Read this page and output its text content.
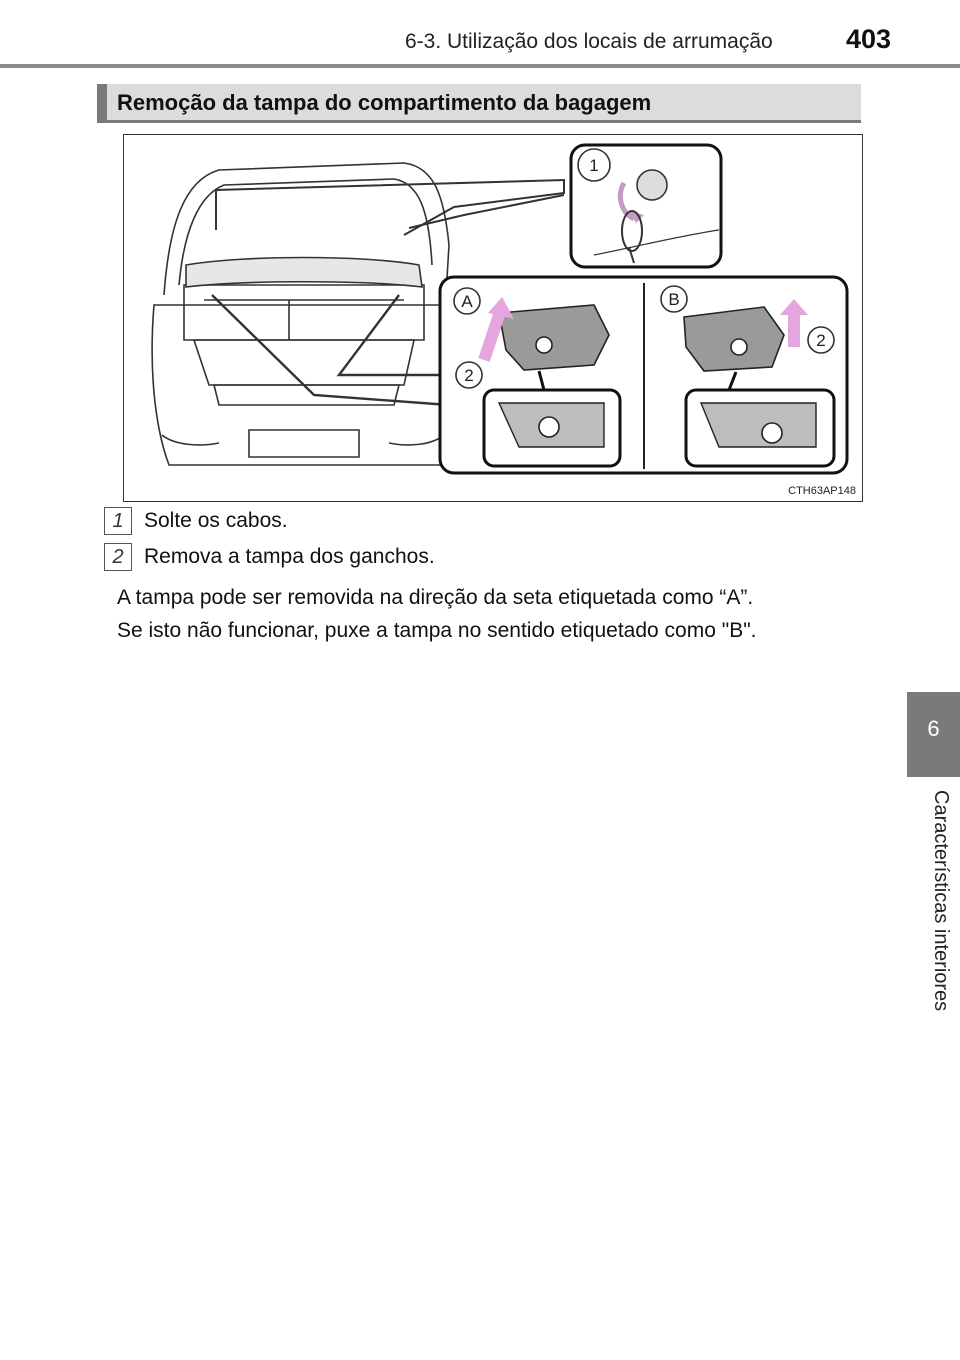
6-3. Utilização dos locais de arrumação	403
6
Características interiores
Remoção da tampa do compartimento da bagagem
1
A
2
B
2
CTH63AP148
1 Solte os cabos.
2 Remova a tampa dos ganchos.
A tampa pode ser removida na direção da seta etiquetada como “A”.
Se isto não funcionar, puxe a tampa no sentido etiquetado como "B".
